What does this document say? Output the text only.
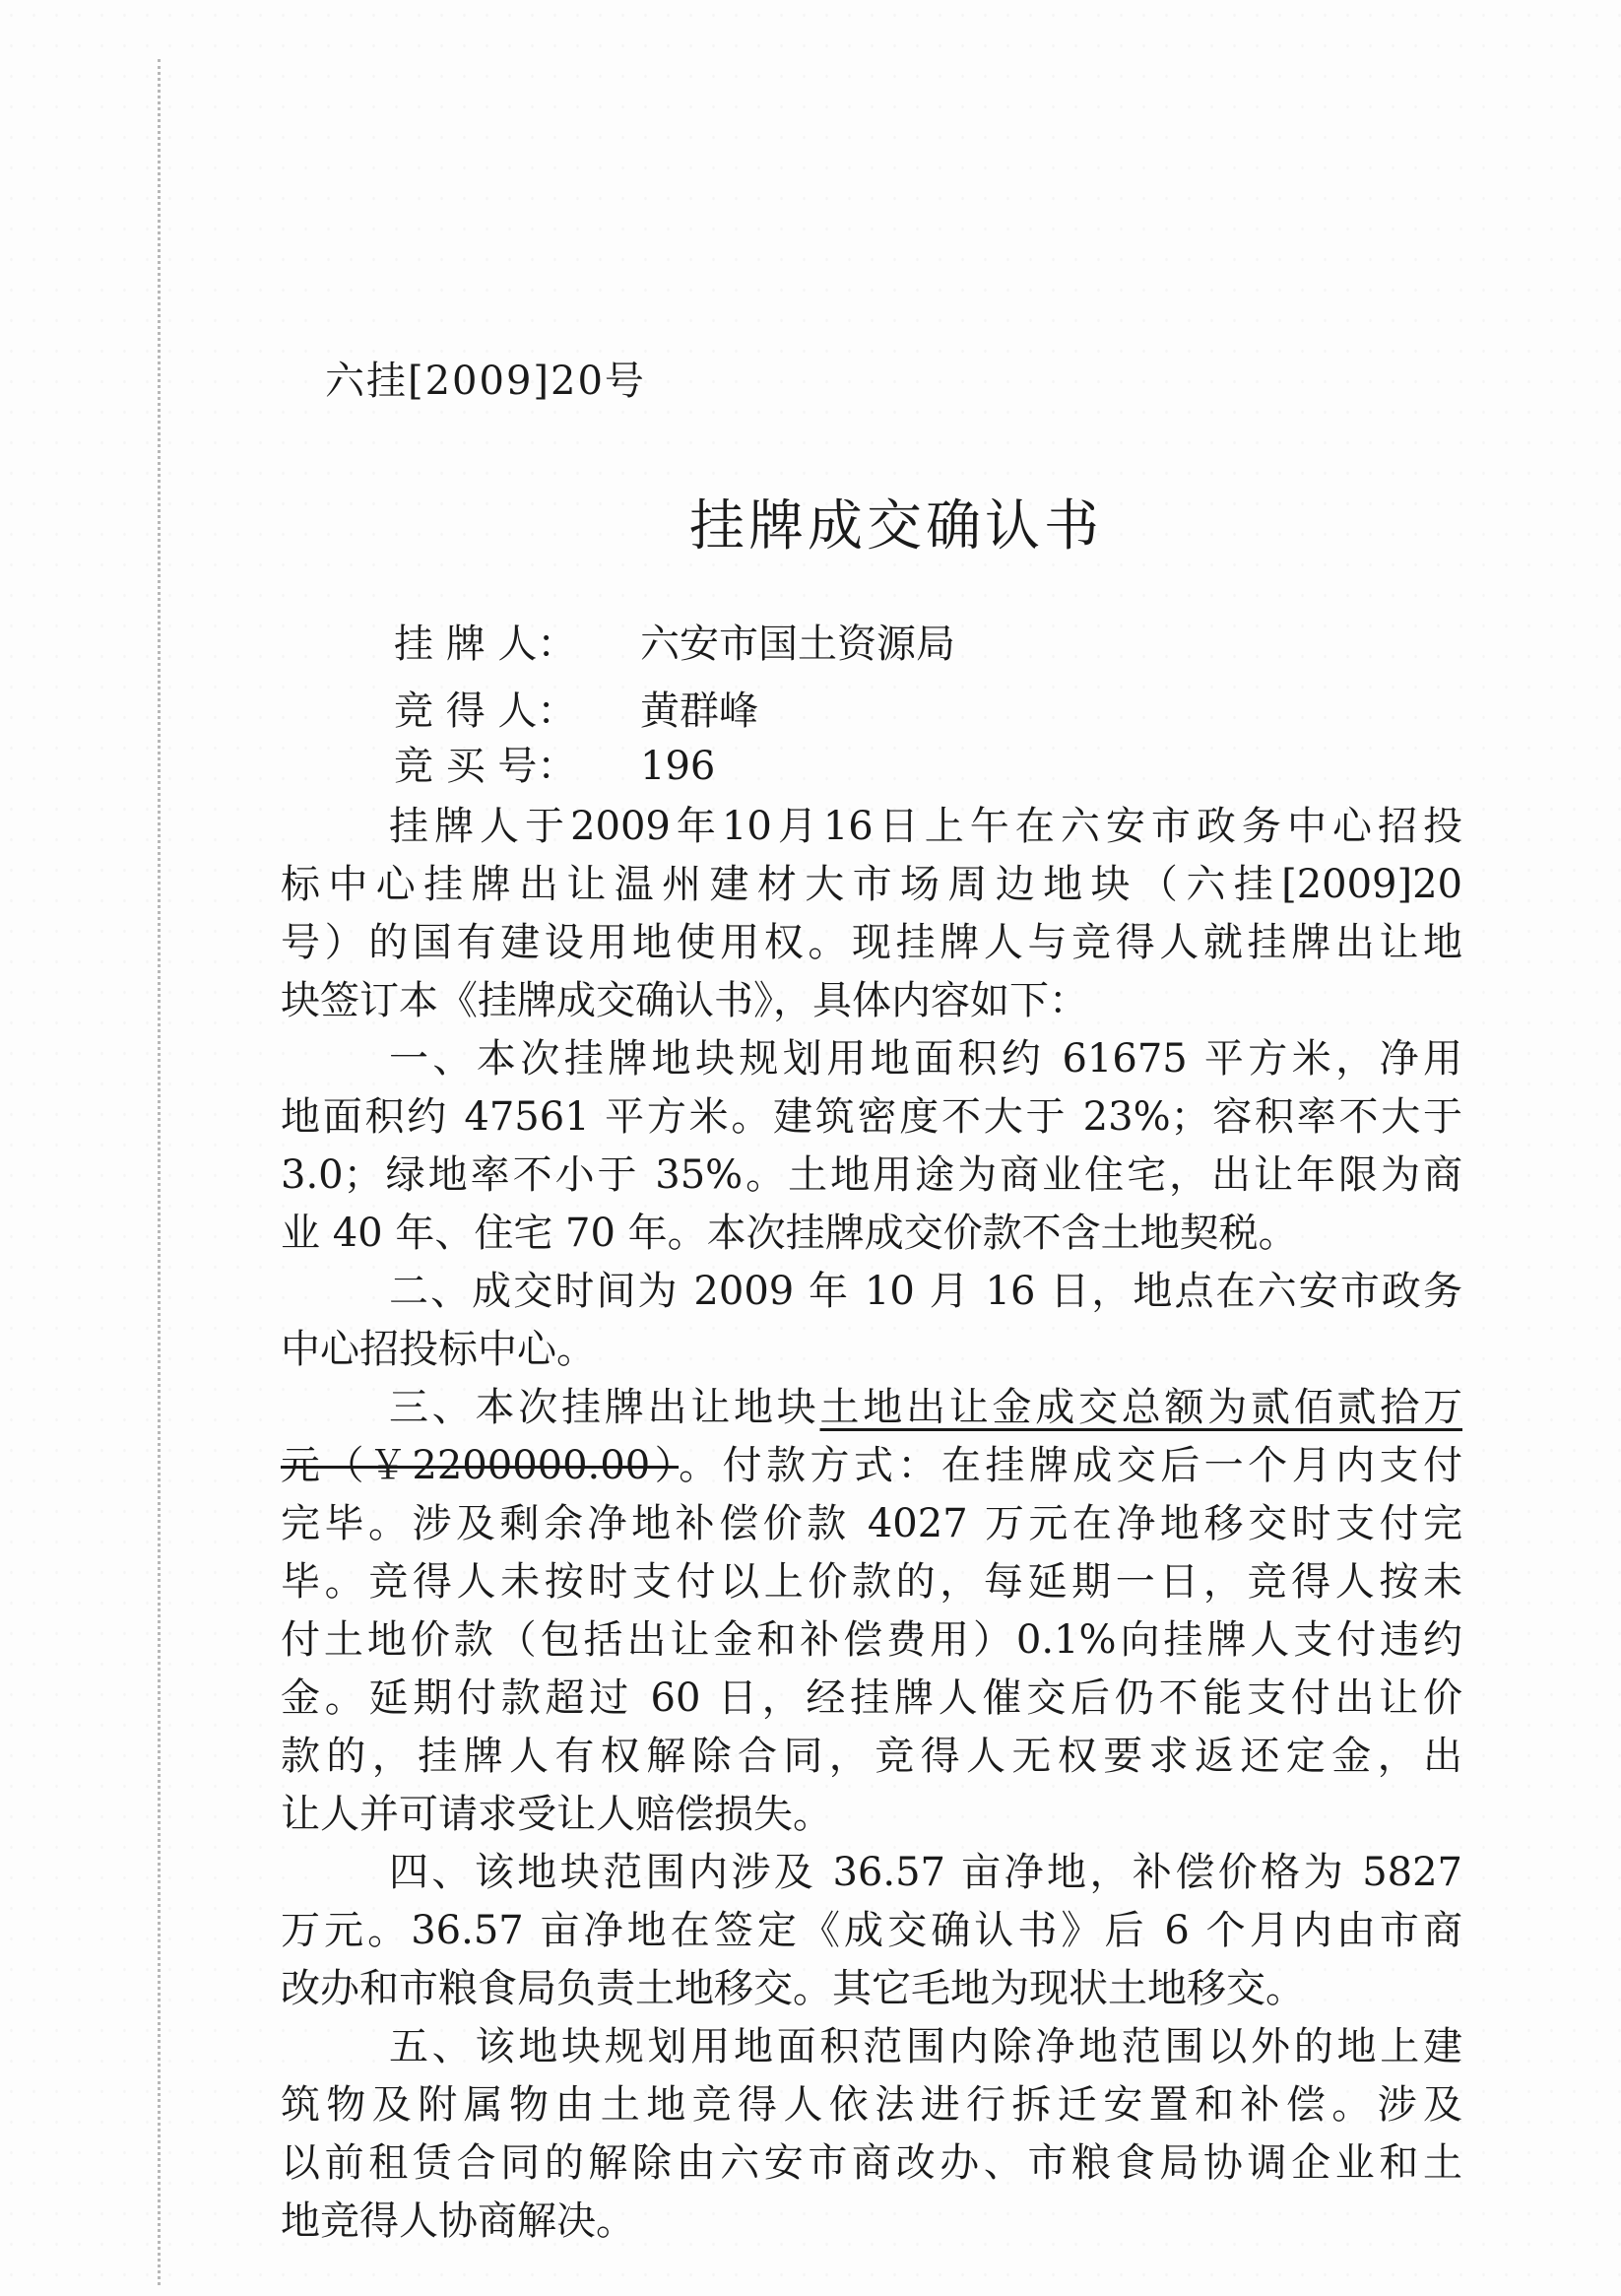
六挂[2009]20号
挂牌成交确认书
挂 牌 人： 六安市国土资源局
竞 得 人： 黄群峰
竞 买 号： 196
挂牌人于2009年10月16日上午在六安市政务中心招投
标中心挂牌出让温州建材大市场周边地块（六挂[2009]20
号）的国有建设用地使用权。现挂牌人与竞得人就挂牌出让地
块签订本《挂牌成交确认书》，具体内容如下：
一、本次挂牌地块规划用地面积约 61675 平方米，净用
地面积约 47561 平方米。建筑密度不大于 23%；容积率不大于
3.0；绿地率不小于 35%。土地用途为商业住宅，出让年限为商
业 40 年、住宅 70 年。本次挂牌成交价款不含土地契税。
二、成交时间为 2009 年 10 月 16 日，地点在六安市政务
中心招投标中心。
三、本次挂牌出让地块土地出让金成交总额为贰佰贰拾万
元（￥2200000.00）。付款方式：在挂牌成交后一个月内支付
完毕。涉及剩余净地补偿价款 4027 万元在净地移交时支付完
毕。竞得人未按时支付以上价款的，每延期一日，竞得人按未
付土地价款（包括出让金和补偿费用）0.1%向挂牌人支付违约
金。延期付款超过 60 日，经挂牌人催交后仍不能支付出让价
款的，挂牌人有权解除合同，竞得人无权要求返还定金，出
让人并可请求受让人赔偿损失。
四、该地块范围内涉及 36.57 亩净地，补偿价格为 5827
万元。36.57 亩净地在签定《成交确认书》后 6 个月内由市商
改办和市粮食局负责土地移交。其它毛地为现状土地移交。
五、该地块规划用地面积范围内除净地范围以外的地上建
筑物及附属物由土地竞得人依法进行拆迁安置和补偿。涉及
以前租赁合同的解除由六安市商改办、市粮食局协调企业和土
地竞得人协商解决。
